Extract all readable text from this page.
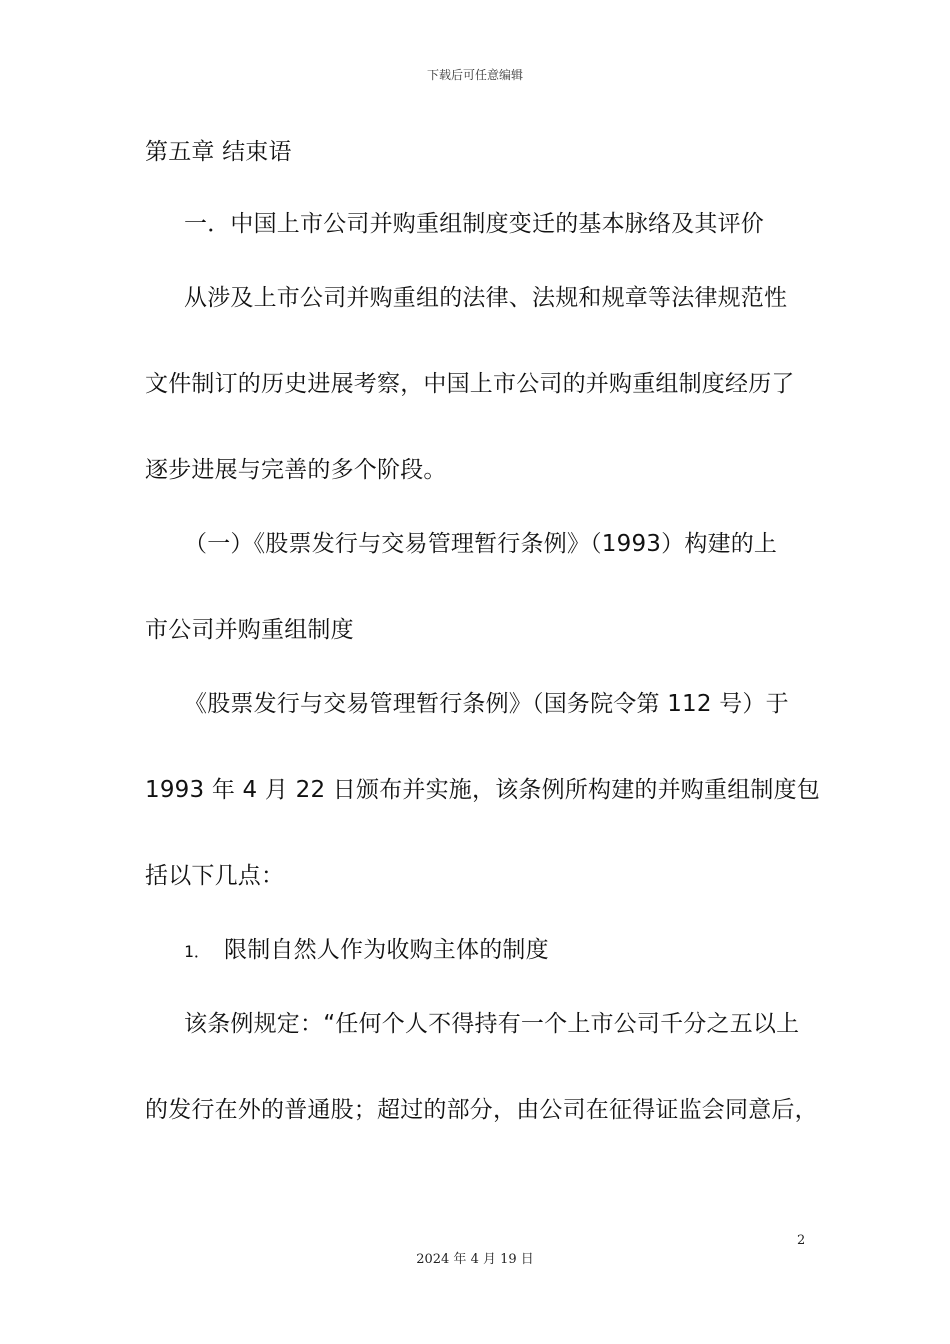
下载后可任意编辑
第五章 结束语
一．中国上市公司并购重组制度变迁的基本脉络及其评价
从涉及上市公司并购重组的法律、法规和规章等法律规范性
文件制订的历史进展考察，中国上市公司的并购重组制度经历了
逐步进展与完善的多个阶段。
（一）《股票发行与交易管理暂行条例》（1993）构建的上
市公司并购重组制度
《股票发行与交易管理暂行条例》（国务院令第 112 号）于
1993 年 4 月 22 日颁布并实施，该条例所构建的并购重组制度包
括以下几点：
1． 限制自然人作为收购主体的制度
该条例规定：“任何个人不得持有一个上市公司千分之五以上
的发行在外的普通股；超过的部分，由公司在征得证监会同意后，
2
2024 年 4 月 19 日
